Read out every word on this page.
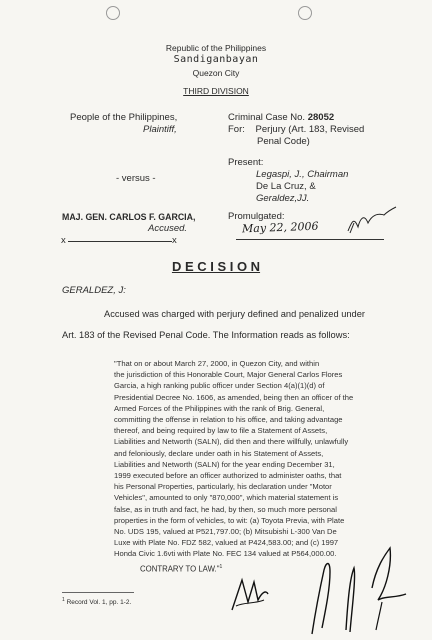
Republic of the Philippines
Sandiganbayan
Quezon City
THIRD DIVISION
People of the Philippines,
Plaintiff,
- versus -
MAJ. GEN. CARLOS F. GARCIA,
Accused.
Criminal Case No. 28052
For: Perjury (Art. 183, Revised
Penal Code)
Present:
Legaspi, J., Chairman
De La Cruz, &
Geraldez,JJ.
Promulgated:
May 22, 2006
x	x
D E C I S I O N
GERALDEZ, J:
Accused was charged with perjury defined and penalized under
Art. 183 of the Revised Penal Code. The Information reads as follows:
"That on or about March 27, 2000, in Quezon City, and within
the jurisdiction of this Honorable Court, Major General Carlos Flores
Garcia, a high ranking public officer under Section 4(a)(1)(d) of
Presidential Decree No. 1606, as amended, being then an officer of the
Armed Forces of the Philippines with the rank of Brig. General,
committing the offense in relation to his office, and taking advantage
thereof, and being required by law to file a Statement of Assets,
Liabilities and Networth (SALN), did then and there willfully, unlawfully
and feloniously, declare under oath in his Statement of Assets,
Liabilities and Networth (SALN) for the year ending December 31,
1999 executed before an officer authorized to administer oaths, that
his Personal Properties, particularly, his declaration under "Motor
Vehicles", amounted to only "870,000", which material statement is
false, as in truth and fact, he had, by then, so much more personal
properties in the form of vehicles, to wit: (a) Toyota Previa, with Plate
No. UDS 195, valued at P521,797.00; (b) Mitsubishi L-300 Van De
Luxe with Plate No. FDZ 582, valued at P424,583.00; and (c) 1997
Honda Civic 1.6vti with Plate No. FEC 134 valued at P564,000.00.
CONTRARY TO LAW."$^1$
$^1$ Record Vol. 1, pp. 1-2.
